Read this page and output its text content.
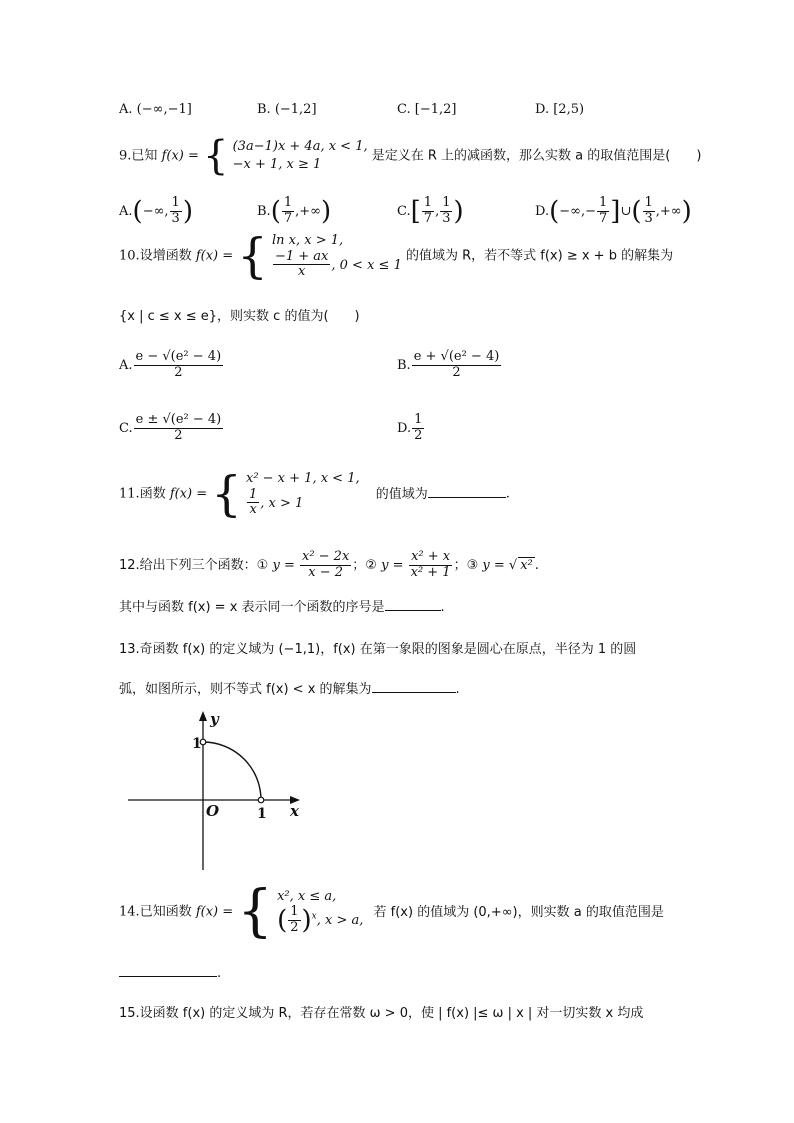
A. (−∞,−1]	B. (−1,2]	C. [−1,2]	D. [2,5)
9.已知 f(x) = { (3a−1)x + 4a, x < 1,
−x + 1, x ≥ 1
是定义在 R 上的减函数，那么实数 a 的取值范围是(　　)
A.(−∞, $\frac{1}{3}$ )	$B.( \frac{1}{7}$ ,+∞)	$C.[ \frac{1}{7}$ , $\frac{1}{3}$ )	$D.(-\infty,- \frac{1}{7}$ ]∪( $\frac{1}{3}$ ,+∞)
10.设增函数 f(x) = { ln x, x > 1,
$\frac{-1 + ax}{x}$ , 0 < x ≤ 1
的值域为 R，若不等式 f(x) ≥ x + b 的解集为
{x | c ≤ x ≤ e}，则实数 c 的值为(　　)
A. $\frac{\text{e − √(e² − 4)}}{2}$	B. $\frac{\text{e + √(e² − 4)}}{2}$
C. $\frac{\text{e ± √(e² − 4)}}{2}$	D. $\frac{1}{2}$
11.函数 f(x) = { x² − x + 1, x < 1,
$\frac{1}{x}$ , x > 1
的值域为	.
12.给出下列三个函数：① $y = \frac{\text{x² − 2x}}{x - 2}$ ；② $y = \frac{\text{x² + x}}{\text{x² + 1}}$ ；③ y = √ x² .
其中与函数 f(x) = x 表示同一个函数的序号是	.
13.奇函数 f(x) 的定义域为 (−1,1)，f(x) 在第一象限的图象是圆心在原点，半径为 1 的圆
弧，如图所示，则不等式 f(x) < x 的解集为	.
y
x
O
1
1
14.已知函数 f(x) = { x², x ≤ a,
( $\frac{1}{2} )^x$, x > a,
若 f(x) 的值域为 (0,+∞)，则实数 a 的取值范围是
.
15.设函数 f(x) 的定义域为 R，若存在常数 ω > 0，使 | f(x) |≤ ω | x | 对一切实数 x 均成
